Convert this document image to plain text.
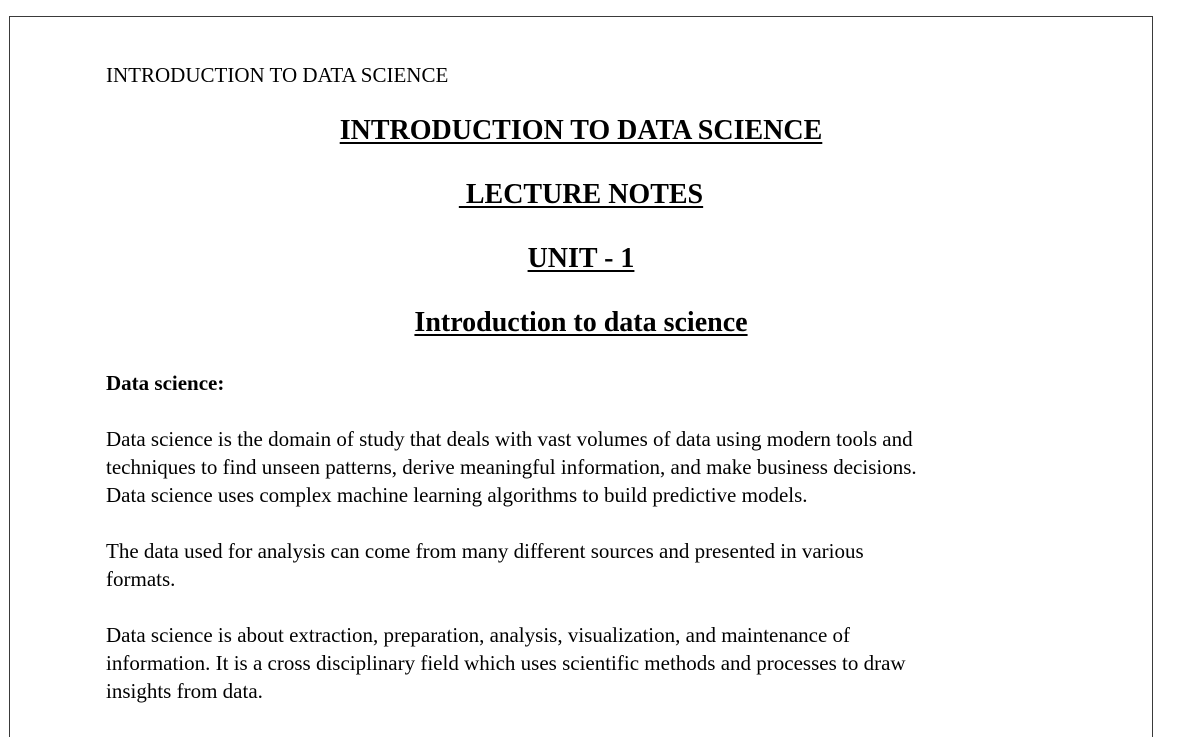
INTRODUCTION TO DATA SCIENCE
INTRODUCTION TO DATA SCIENCE
LECTURE NOTES
UNIT - 1
Introduction to data science
Data science:
Data science is the domain of study that deals with vast volumes of data using modern tools and
techniques to find unseen patterns, derive meaningful information, and make business decisions.
Data science uses complex machine learning algorithms to build predictive models.
The data used for analysis can come from many different sources and presented in various
formats.
Data science is about extraction, preparation, analysis, visualization, and maintenance of
information. It is a cross disciplinary field which uses scientific methods and processes to draw
insights from data.
